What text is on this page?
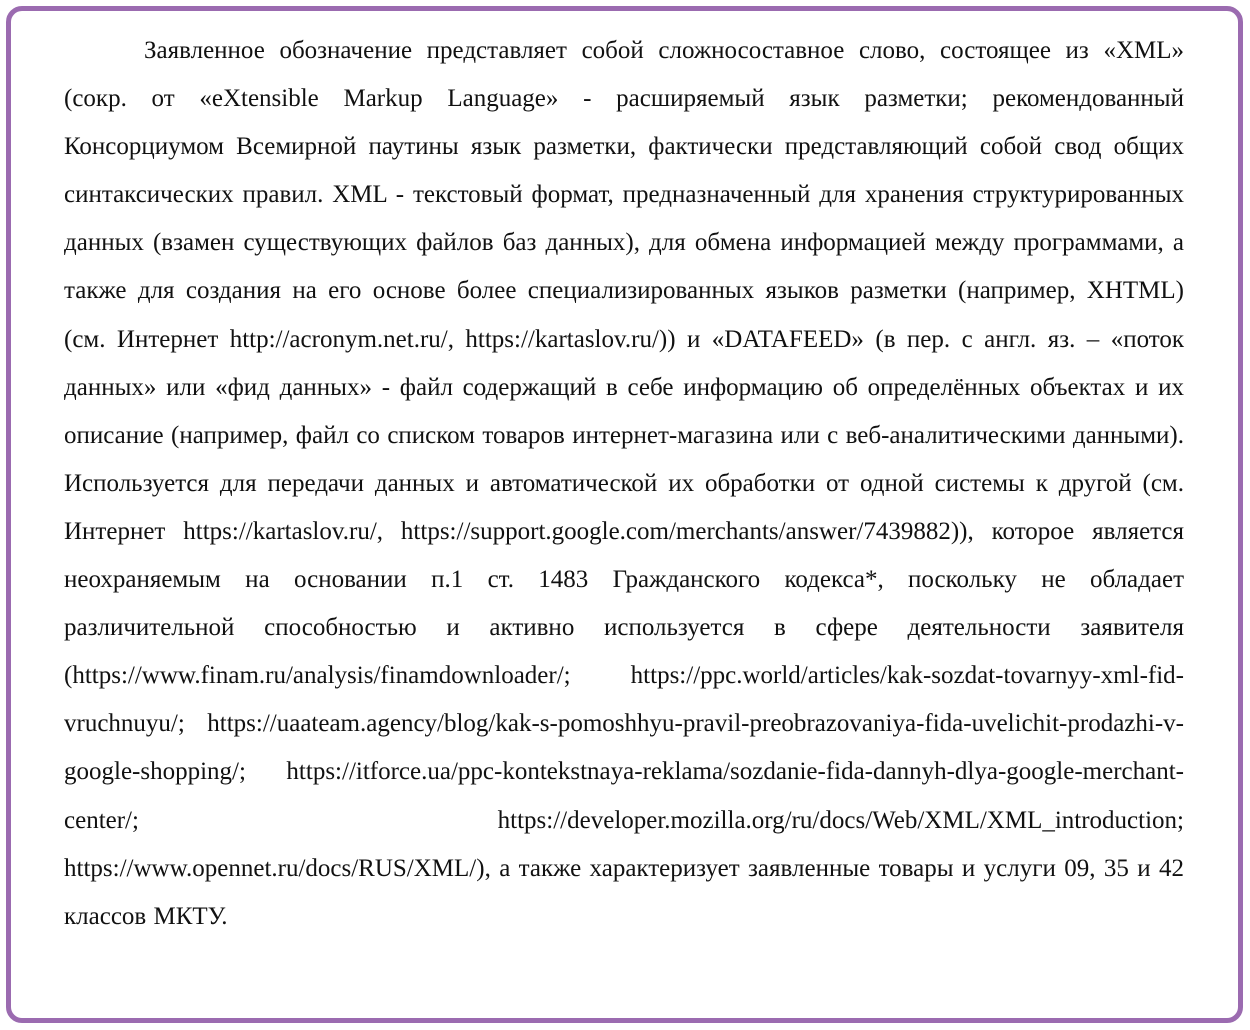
Заявленное обозначение представляет собой сложносоставное слово, состоящее из «XML» (сокр. от «eXtensible Markup Language» - расширяемый язык разметки; рекомендованный Консорциумом Всемирной паутины язык разметки, фактически представляющий собой свод общих синтаксических правил. XML - текстовый формат, предназначенный для хранения структурированных данных (взамен существующих файлов баз данных), для обмена информацией между программами, а также для создания на его основе более специализированных языков разметки (например, XHTML) (см. Интернет http://acronym.net.ru/, https://kartaslov.ru/)) и «DATAFEED» (в пер. с англ. яз. – «поток данных» или «фид данных» - файл содержащий в себе информацию об определённых объектах и их описание (например, файл со списком товаров интернет-магазина или с веб-аналитическими данными). Используется для передачи данных и автоматической их обработки от одной системы к другой (см. Интернет https://kartaslov.ru/, https://support.google.com/merchants/answer/7439882)), которое является неохраняемым на основании п.1 ст. 1483 Гражданского кодекса*, поскольку не обладает различительной способностью и активно используется в сфере деятельности заявителя (https://www.finam.ru/analysis/finamdownloader/; https://ppc.world/articles/kak-sozdat-tovarnyy-xml-fid-vruchnuyu/; https://uaateam.agency/blog/kak-s-pomoshhyu-pravil-preobrazovaniya-fida-uvelichit-prodazhi-v-google-shopping/; https://itforce.ua/ppc-kontekstnaya-reklama/sozdanie-fida-dannyh-dlya-google-merchant-center/; https://developer.mozilla.org/ru/docs/Web/XML/XML_introduction; https://www.opennet.ru/docs/RUS/XML/), а также характеризует заявленные товары и услуги 09, 35 и 42 классов МКТУ.
